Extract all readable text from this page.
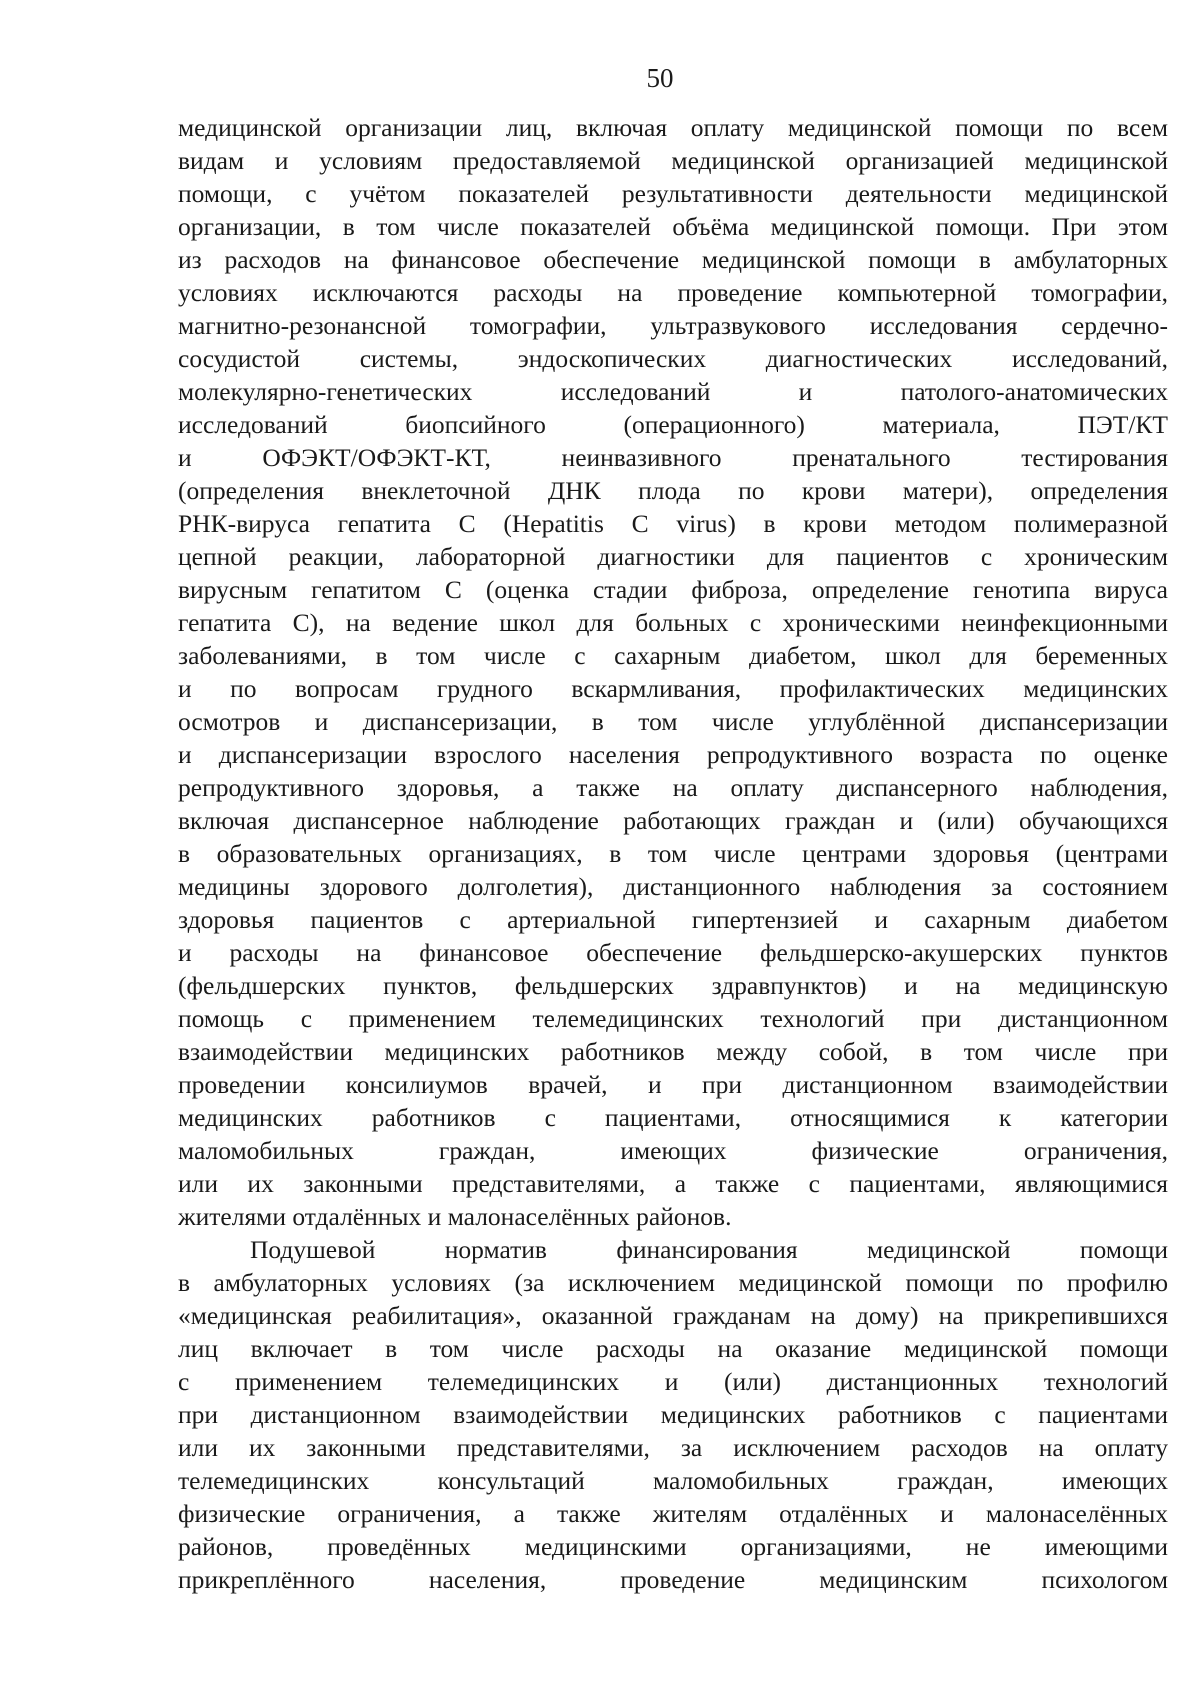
50
медицинской организации лиц, включая оплату медицинской помощи по всем
видам и условиям предоставляемой медицинской организацией медицинской
помощи, с учётом показателей результативности деятельности медицинской
организации, в том числе показателей объёма медицинской помощи. При этом
из расходов на финансовое обеспечение медицинской помощи в амбулаторных
условиях исключаются расходы на проведение компьютерной томографии,
магнитно-резонансной томографии, ультразвукового исследования сердечно-
сосудистой системы, эндоскопических диагностических исследований,
молекулярно-генетических исследований и патолого-анатомических
исследований биопсийного (операционного) материала, ПЭТ/КТ
и ОФЭКТ/ОФЭКТ-КТ, неинвазивного пренатального тестирования
(определения внеклеточной ДНК плода по крови матери), определения
РНК-вируса гепатита С (Hepatitis C virus) в крови методом полимеразной
цепной реакции, лабораторной диагностики для пациентов с хроническим
вирусным гепатитом С (оценка стадии фиброза, определение генотипа вируса
гепатита С), на ведение школ для больных с хроническими неинфекционными
заболеваниями, в том числе с сахарным диабетом, школ для беременных
и по вопросам грудного вскармливания, профилактических медицинских
осмотров и диспансеризации, в том числе углублённой диспансеризации
и диспансеризации взрослого населения репродуктивного возраста по оценке
репродуктивного здоровья, а также на оплату диспансерного наблюдения,
включая диспансерное наблюдение работающих граждан и (или) обучающихся
в образовательных организациях, в том числе центрами здоровья (центрами
медицины здорового долголетия), дистанционного наблюдения за состоянием
здоровья пациентов с артериальной гипертензией и сахарным диабетом
и расходы на финансовое обеспечение фельдшерско-акушерских пунктов
(фельдшерских пунктов, фельдшерских здравпунктов) и на медицинскую
помощь с применением телемедицинских технологий при дистанционном
взаимодействии медицинских работников между собой, в том числе при
проведении консилиумов врачей, и при дистанционном взаимодействии
медицинских работников с пациентами, относящимися к категории
маломобильных граждан, имеющих физические ограничения,
или их законными представителями, а также с пациентами, являющимися
жителями отдалённых и малонаселённых районов.
Подушевой норматив финансирования медицинской помощи
в амбулаторных условиях (за исключением медицинской помощи по профилю
«медицинская реабилитация», оказанной гражданам на дому) на прикрепившихся
лиц включает в том числе расходы на оказание медицинской помощи
с применением телемедицинских и (или) дистанционных технологий
при дистанционном взаимодействии медицинских работников с пациентами
или их законными представителями, за исключением расходов на оплату
телемедицинских консультаций маломобильных граждан, имеющих
физические ограничения, а также жителям отдалённых и малонаселённых
районов, проведённых медицинскими организациями, не имеющими
прикреплённого населения, проведение медицинским психологом
